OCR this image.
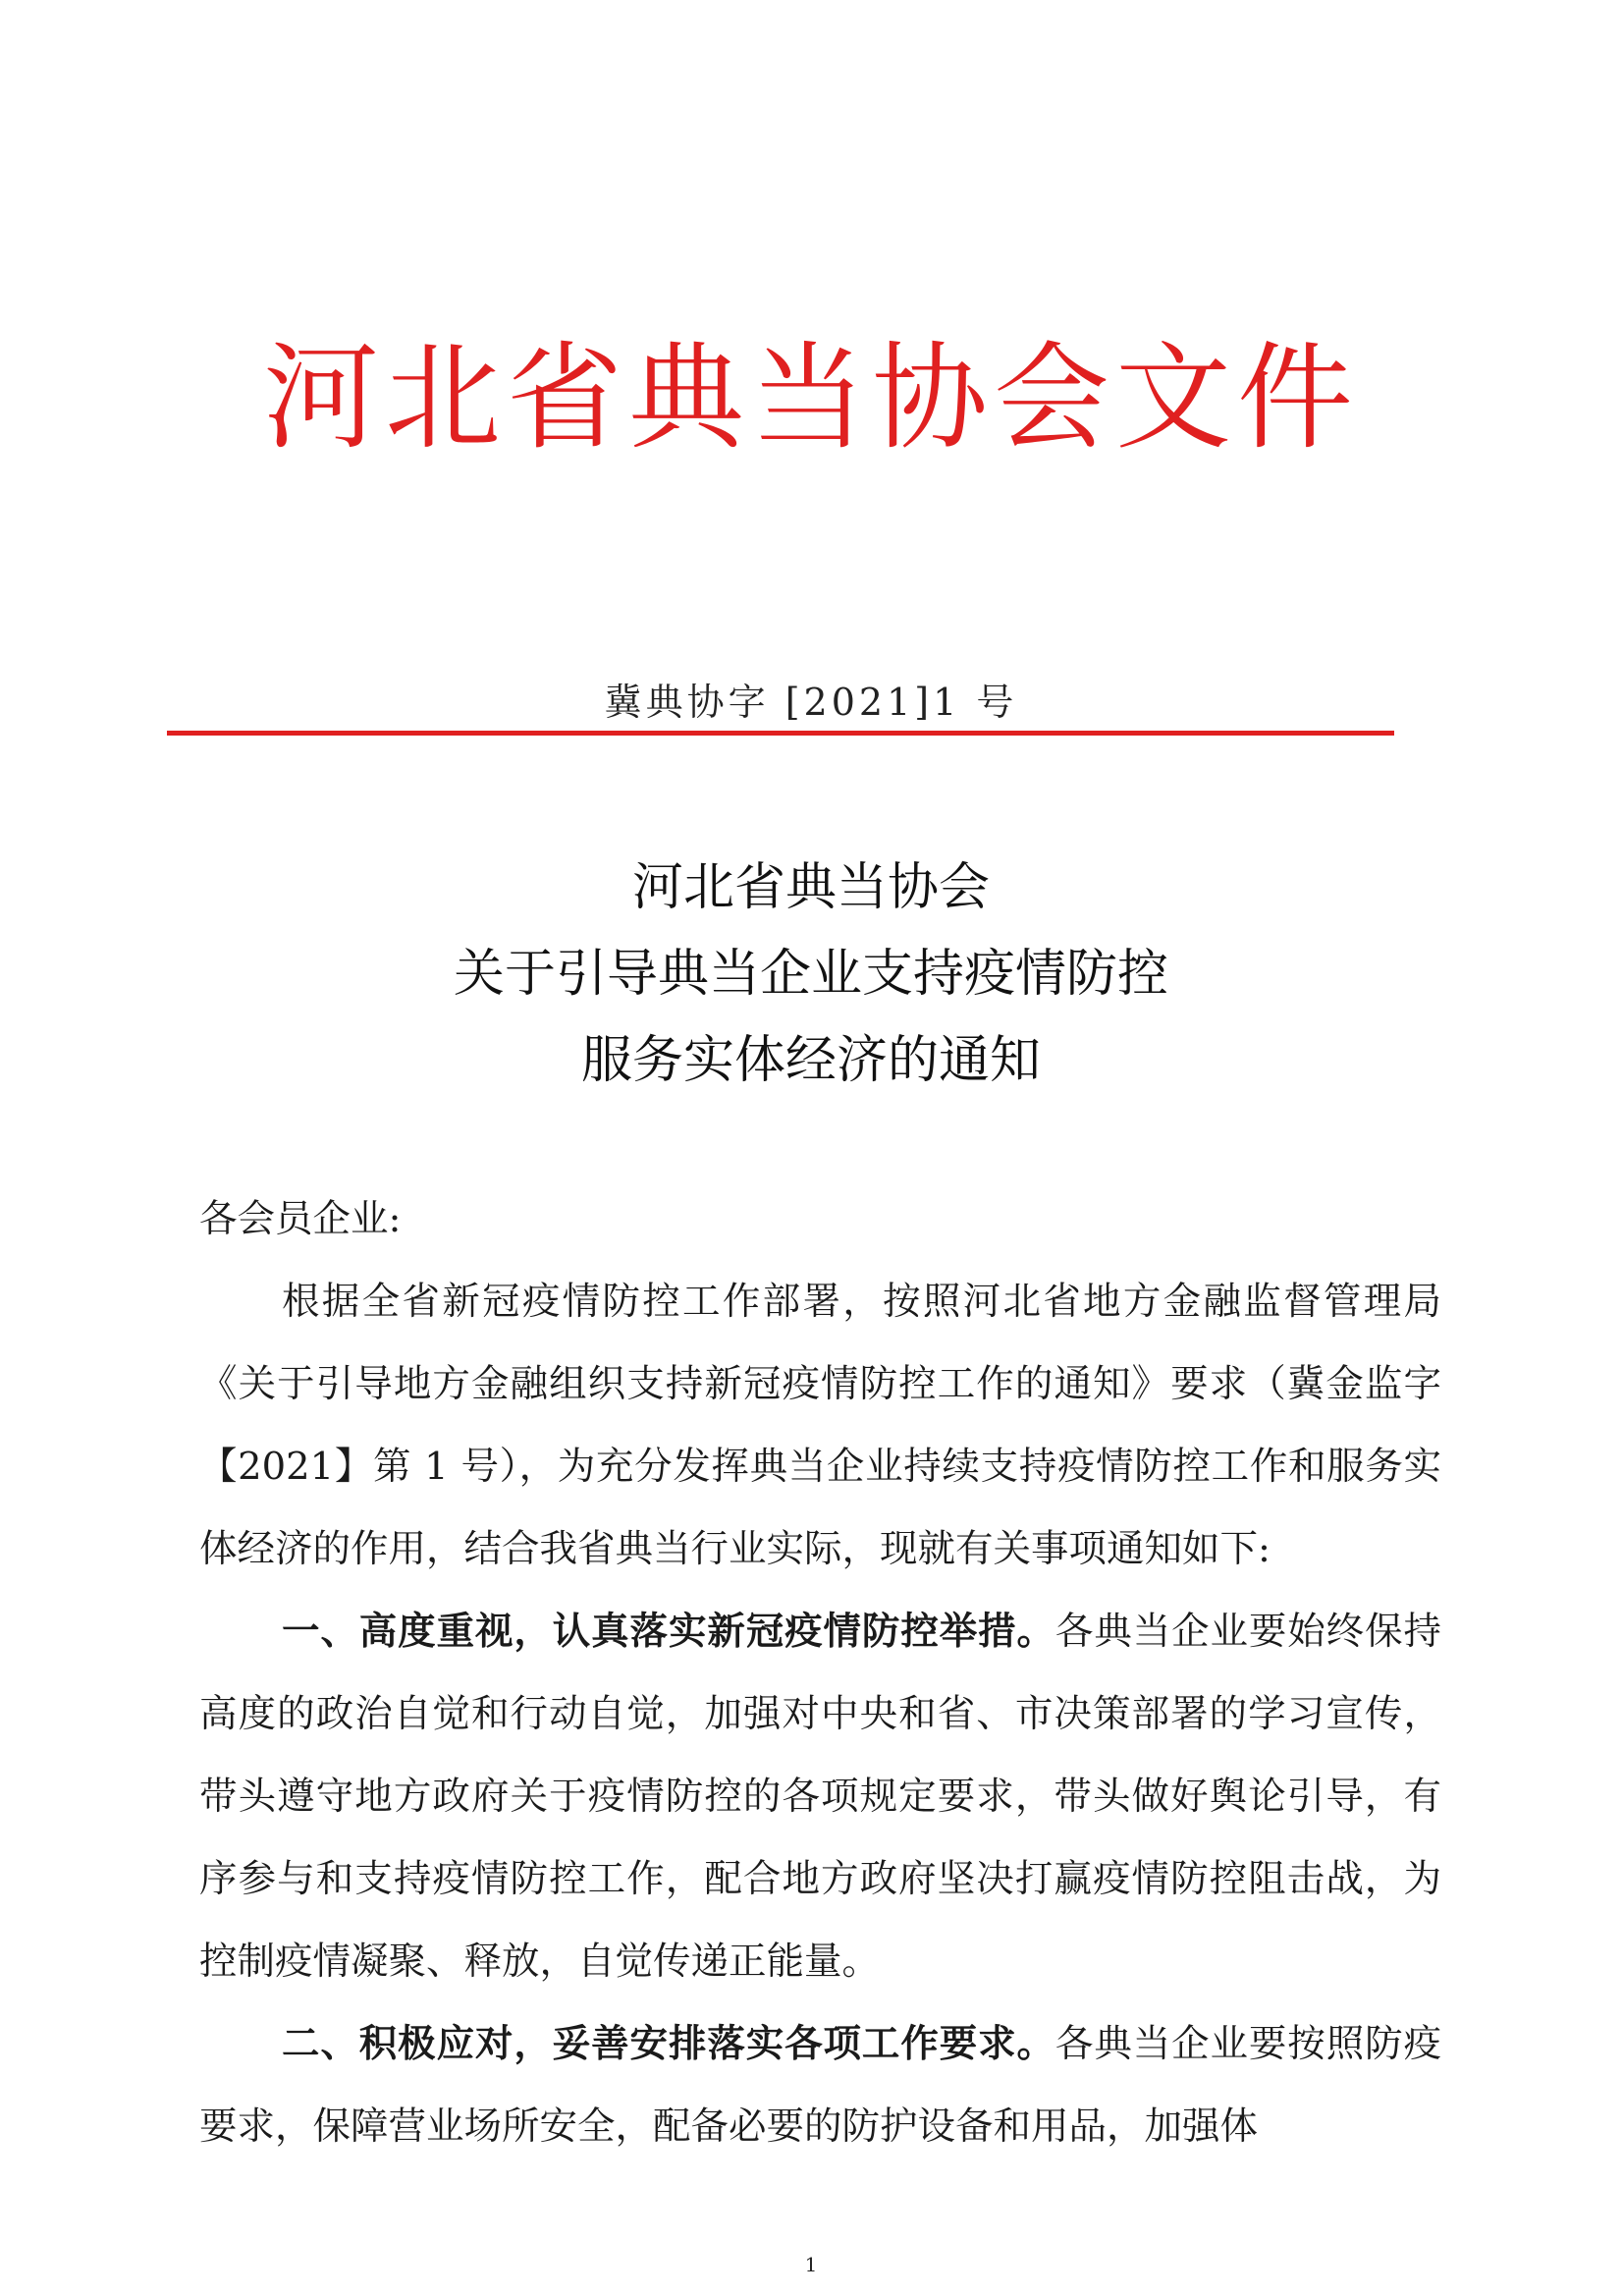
河北省典当协会文件
冀典协字 [2021]1 号
河北省典当协会
关于引导典当企业支持疫情防控
服务实体经济的通知

各会员企业:

根据全省新冠疫情防控工作部署，按照河北省地方金融监督管理局《关于引导地方金融组织支持新冠疫情防控工作的通知》要求（冀金监字【2021】第 1 号），为充分发挥典当企业持续支持疫情防控工作和服务实体经济的作用，结合我省典当行业实际，现就有关事项通知如下:

一、高度重视，认真落实新冠疫情防控举措。各典当企业要始终保持高度的政治自觉和行动自觉，加强对中央和省、市决策部署的学习宣传，带头遵守地方政府关于疫情防控的各项规定要求，带头做好舆论引导，有序参与和支持疫情防控工作，配合地方政府坚决打赢疫情防控阻击战，为控制疫情凝聚、释放，自觉传递正能量。

二、积极应对，妥善安排落实各项工作要求。各典当企业要按照防疫要求，保障营业场所安全，配备必要的防护设备和用品，加强体

1
